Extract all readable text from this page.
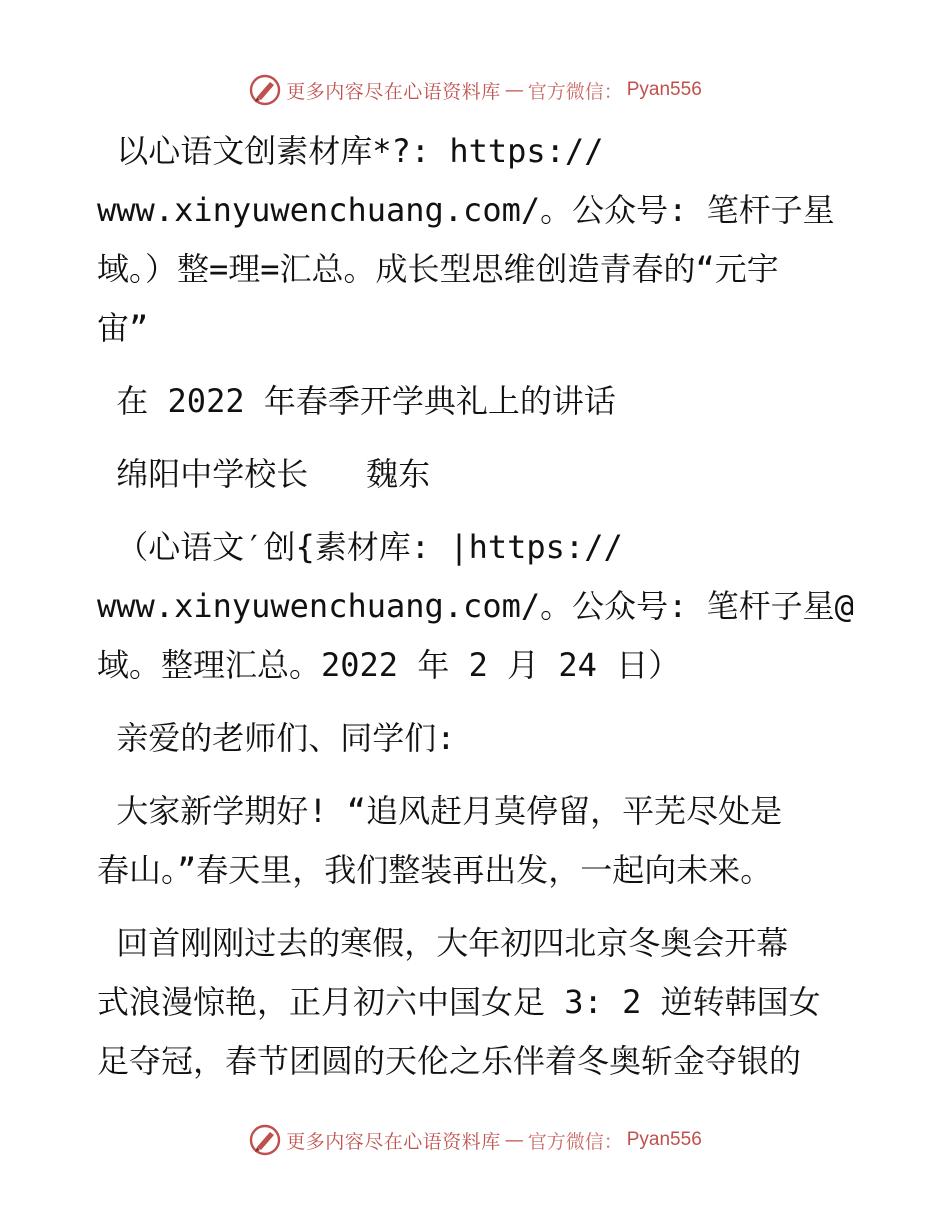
更多内容尽在心语资料库 — 官方微信： Pyan556

以心语文创素材库*?: https://
www.xinyuwenchuang.com/。公众号: 笔杆子星
域。）整=理=汇总。成长型思维创造青春的“元宇
宙”

在 2022 年春季开学典礼上的讲话

绵阳中学校长   魏东

（心语文′创{素材库: |https://
www.xinyuwenchuang.com/。公众号: 笔杆子星@
域。整理汇总。2022 年 2 月 24 日）

亲爱的老师们、同学们:

大家新学期好! “追风赶月莫停留，平芜尽处是
春山。”春天里，我们整装再出发，一起向未来。

回首刚刚过去的寒假，大年初四北京冬奥会开幕
式浪漫惊艳，正月初六中国女足 3: 2 逆转韩国女
足夺冠，春节团圆的天伦之乐伴着冬奥斩金夺银的

更多内容尽在心语资料库 — 官方微信： Pyan556
